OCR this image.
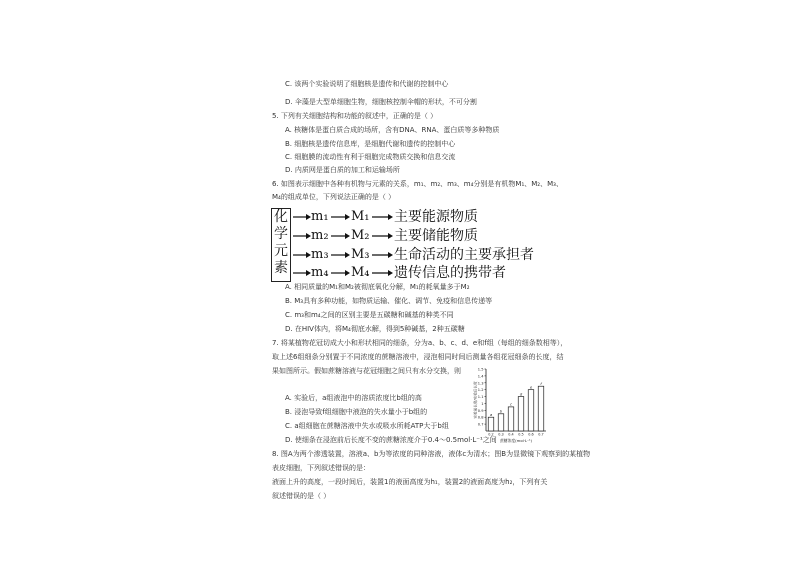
C. 该两个实验说明了细胞核是遗传和代谢的控制中心
D. 伞藻是大型单细胞生物，细胞核控制伞帽的形状，不可分割
5. 下列有关细胞结构和功能的叙述中，正确的是（ ）
A. 核糖体是蛋白质合成的场所，含有DNA、RNA、蛋白质等多种物质
B. 细胞核是遗传信息库，是细胞代谢和遗传的控制中心
C. 细胞膜的流动性有利于细胞完成物质交换和信息交流
D. 内质网是蛋白质的加工和运输场所
6. 如图表示细胞中各种有机物与元素的关系，m₁、m₂、m₃、m₄分别是有机物M₁、M₂、M₃、
M₄的组成单位，下列说法正确的是（ ）
化
学
元
素
m₁ M₁ 主要能源物质
m₂ M₂ 主要储能物质
m₃ M₃ 生命活动的主要承担者
m₄ M₄ 遗传信息的携带者
A. 相同质量的M₁和M₂被彻底氧化分解，M₁的耗氧量多于M₂
B. M₃具有多种功能，如物质运输、催化、调节、免疫和信息传递等
C. m₃和m₄之间的区别主要是五碳糖和碱基的种类不同
D. 在HIV体内，将M₄彻底水解，得到5种碱基，2种五碳糖
7. 将某植物花冠切成大小和形状相同的细条，分为a、b、c、d、e和f组（每组的细条数相等），
取上述6组细条分别置于不同浓度的蔗糖溶液中，浸泡相同时间后测量各组花冠细条的长度，结
果如图所示。假如蔗糖溶液与花冠细胞之间只有水分交换，则
0.7
0.8
0.9
1
1.1
1.2
1.3
1.4
1.5
实验前长度/实验后长度	a
0.2
b
0.3
c
0.4
d
0.5
e
0.6
f
0.7
蔗糖浓度(mol·L⁻¹)
A. 实验后，a组液泡中的溶质浓度比b组的高
B. 浸泡导致f组细胞中液泡的失水量小于b组的
C. a组细胞在蔗糖溶液中失水或吸水所耗ATP大于b组
D. 使细条在浸泡前后长度不变的蔗糖浓度介于0.4～0.5mol·L⁻¹之间
8. 图A为两个渗透装置，溶液a、b为等浓度的同种溶液，液体c为清水；图B为显微镜下观察到的某植物
表皮细胞，下列叙述错误的是：
液面上升的高度，一段时间后，装置1的液面高度为h₁，装置2的液面高度为h₂，下列有关
叙述错误的是（ ）
